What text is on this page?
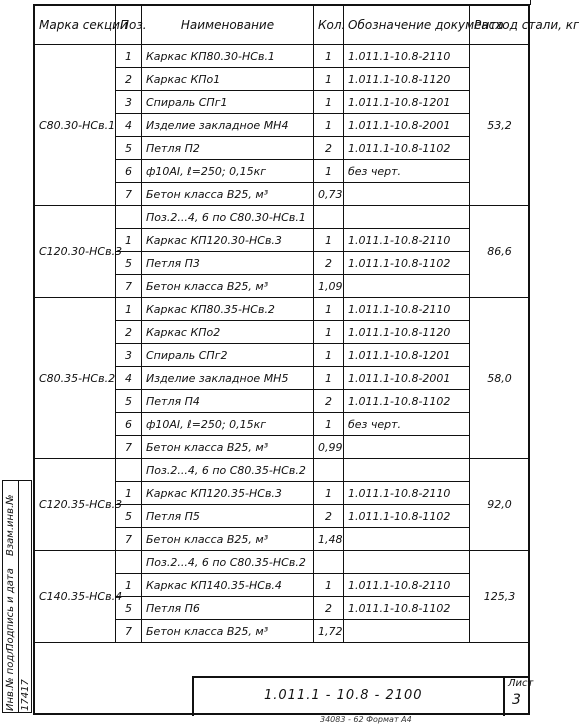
Марка секции	Поз.	Наименование	Кол.	Обозначение документа	Расход стали, кг
С80.30-НСв.1	1	Каркас КП80.30-НСв.1	1	1.011.1-10.8-2110	53,2
	2	Каркас КПо1	1	1.011.1-10.8-1120	
	3	Спираль СПг1	1	1.011.1-10.8-1201	
	4	Изделие закладное МН4	1	1.011.1-10.8-2001	
	5	Петля П2	2	1.011.1-10.8-1102	
	6	ф10АI, ℓ=250; 0,15кг	1	без черт.	
	7	Бетон класса В25, м³	0,73		
С120.30-НСв.3		Поз.2...4, 6 по С80.30-НСв.1			86,6
	1	Каркас КП120.30-НСв.3	1	1.011.1-10.8-2110	
	5	Петля П3	2	1.011.1-10.8-1102	
	7	Бетон класса В25, м³	1,09		
С80.35-НСв.2	1	Каркас КП80.35-НСв.2	1	1.011.1-10.8-2110	58,0
	2	Каркас КПо2	1	1.011.1-10.8-1120	
	3	Спираль СПг2	1	1.011.1-10.8-1201	
	4	Изделие закладное МН5	1	1.011.1-10.8-2001	
	5	Петля П4	2	1.011.1-10.8-1102	
	6	ф10АI, ℓ=250; 0,15кг	1	без черт.	
	7	Бетон класса В25, м³	0,99		
С120.35-НСв.3		Поз.2...4, 6 по С80.35-НСв.2			92,0
	1	Каркас КП120.35-НСв.3	1	1.011.1-10.8-2110	
	5	Петля П5	2	1.011.1-10.8-1102	
	7	Бетон класса В25, м³	1,48		
С140.35-НСв.4		Поз.2...4, 6 по С80.35-НСв.2			125,3
	1	Каркас КП140.35-НСв.4	1	1.011.1-10.8-2110	
	5	Петля П6	2	1.011.1-10.8-1102	
	7	Бетон класса В25, м³	1,72		

Инв.№ подл.
Подпись и дата
Взам.инв.№
17417	1.011.1 - 10.8 - 2100
Лист
3
34083 - 62 Формат А4
